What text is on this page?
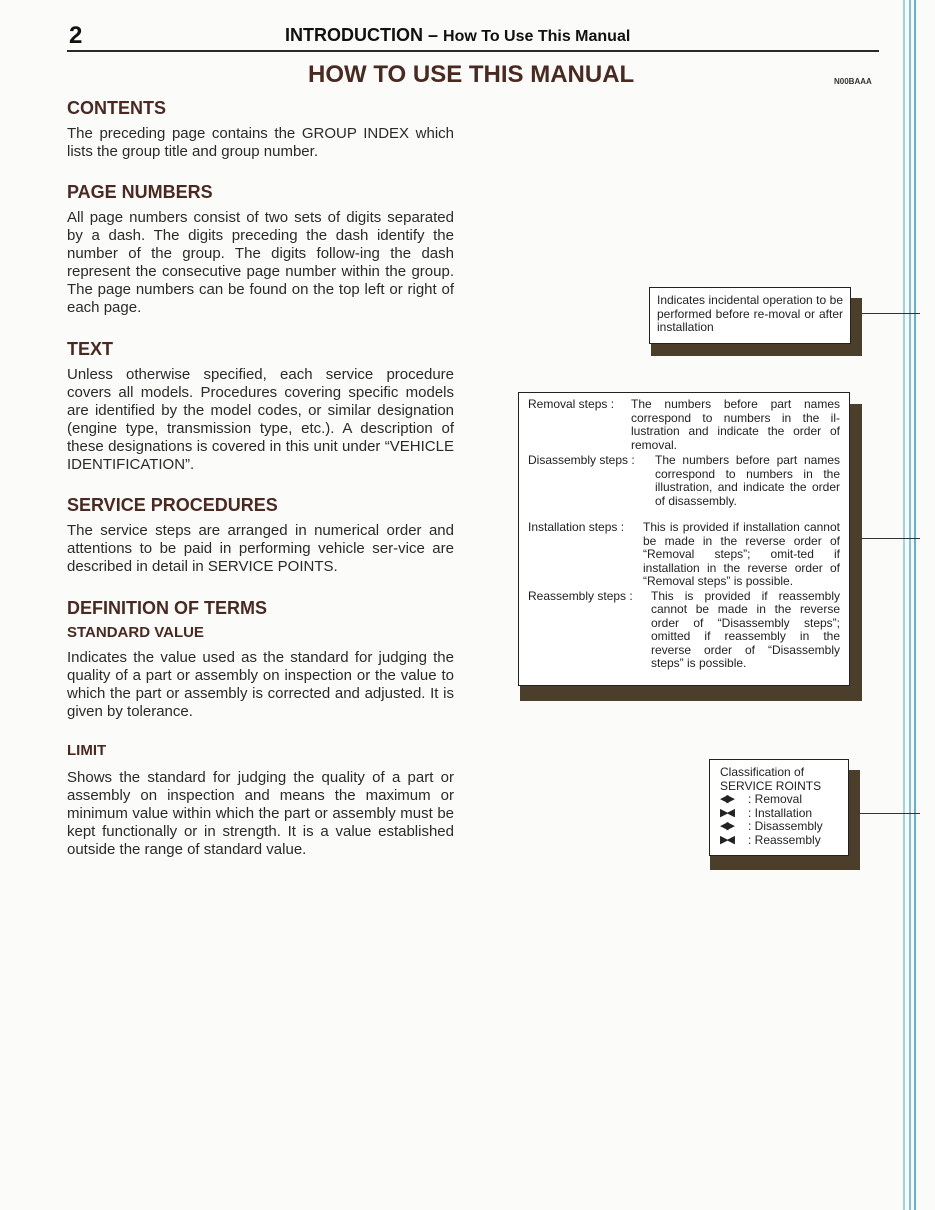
2	INTRODUCTION – How To Use This Manual
HOW TO USE THIS MANUAL	N00BAAA
CONTENTS

The preceding page contains the GROUP INDEX which lists the group title and group number.

PAGE NUMBERS

All page numbers consist of two sets of digits separated by a dash. The digits preceding the dash identify the number of the group. The digits follow-ing the dash represent the consecutive page number within the group. The page numbers can be found on the top left or right of each page.

TEXT

Unless otherwise specified, each service procedure covers all models. Procedures covering specific models are identified by the model codes, or similar designation (engine type, transmission type, etc.). A description of these designations is covered in this unit under “VEHICLE IDENTIFICATION”.

SERVICE PROCEDURES

The service steps are arranged in numerical order and attentions to be paid in performing vehicle ser-vice are described in detail in SERVICE POINTS.

DEFINITION OF TERMS
STANDARD VALUE

Indicates the value used as the standard for judging the quality of a part or assembly on inspection or the value to which the part or assembly is corrected and adjusted. It is given by tolerance.

LIMIT

Shows the standard for judging the quality of a part or assembly on inspection and means the maximum or minimum value within which the part or assembly must be kept functionally or in strength. It is a value established outside the range of standard value.

Indicates incidental operation to be performed before re-moval or after installation
Removal steps :	The numbers before part names correspond to numbers in the il-lustration and indicate the order of removal.
Disassembly steps :	The numbers before part names correspond to numbers in the illustration, and indicate the order of disassembly.
Installation steps :	This is provided if installation cannot be made in the reverse order of “Removal steps”; omit-ted if installation in the reverse order of “Removal steps” is possible.
Reassembly steps :	This is provided if reassembly cannot be made in the reverse order of “Disassembly steps”; omitted if reassembly in the reverse order of “Disassembly steps” is possible.
Classification of
SERVICE ROINTS
◀▶	: Removal
▶◀	: Installation
◀▶	: Disassembly
▶◀	: Reassembly
